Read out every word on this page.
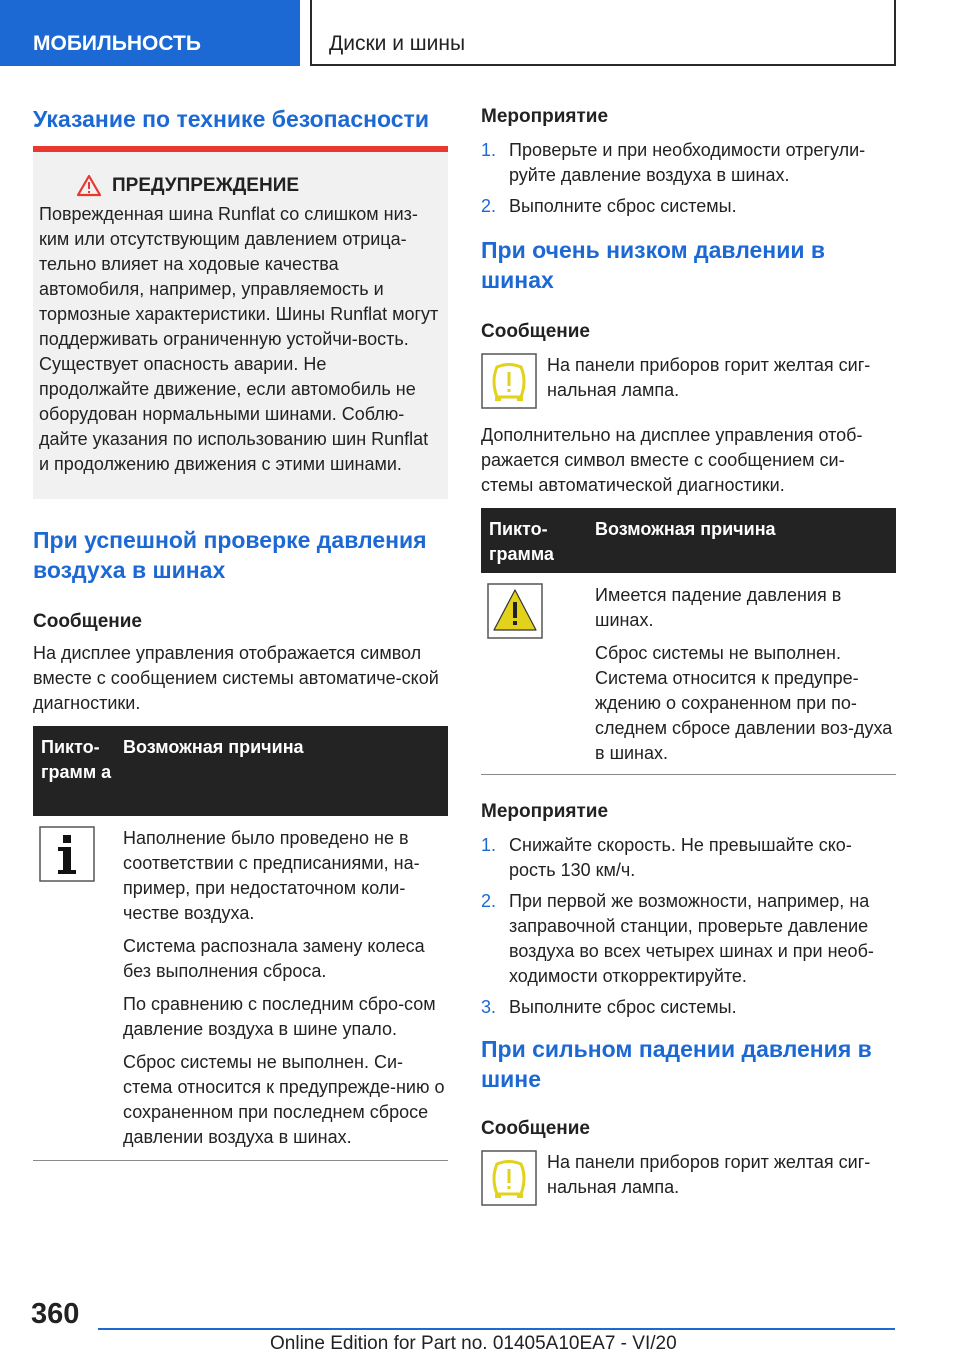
МОБИЛЬНОСТЬ	Диски и шины
Указание по технике безопасности
ПРЕДУПРЕЖДЕНИЕ
Поврежденная шина Runflat со слишком низ-ким или отсутствующим давлением отрица-тельно влияет на ходовые качества автомобиля, например, управляемость и тормозные характеристики. Шины Runflat могут поддерживать ограниченную устойчи-вость. Существует опасность аварии. Не продолжайте движение, если автомобиль не оборудован нормальными шинами. Соблю-дайте указания по использованию шин Runflat и продолжению движения с этими шинами.
При успешной проверке давления воздуха в шинах
Сообщение
На дисплее управления отображается символ вместе с сообщением системы автоматиче-ской диагностики.
Пикто-грамм а
Возможная причина
Наполнение было проведено не в соответствии с предписаниями, на-пример, при недостаточном коли-честве воздуха.
Система распознала замену колеса без выполнения сброса.
По сравнению с последним сбро-сом давление воздуха в шине упало.
Сброс системы не выполнен. Си-стема относится к предупрежде-нию о сохраненном при последнем сбросе давлении воздуха в шинах.
Мероприятие
1. Проверьте и при необходимости отрегули-руйте давление воздуха в шинах.
2. Выполните сброс системы.
При очень низком давлении в шинах
Сообщение
На панели приборов горит желтая сиг-нальная лампа.
Дополнительно на дисплее управления отоб-ражается символ вместе с сообщением си-стемы автоматической диагностики.
Пикто-грамма
Возможная причина
Имеется падение давления в шинах.
Сброс системы не выполнен. Система относится к предупре-ждению о сохраненном при по-следнем сбросе давлении воз-духа в шинах.
Мероприятие
1. Снижайте скорость. Не превышайте ско-рость 130 км/ч.
2. При первой же возможности, например, на заправочной станции, проверьте давление воздуха во всех четырех шинах и при необ-ходимости откорректируйте.
3. Выполните сброс системы.
При сильном падении давления в шине
Сообщение
На панели приборов горит желтая сиг-нальная лампа.
360
Online Edition for Part no. 01405A10EA7 - VI/20
